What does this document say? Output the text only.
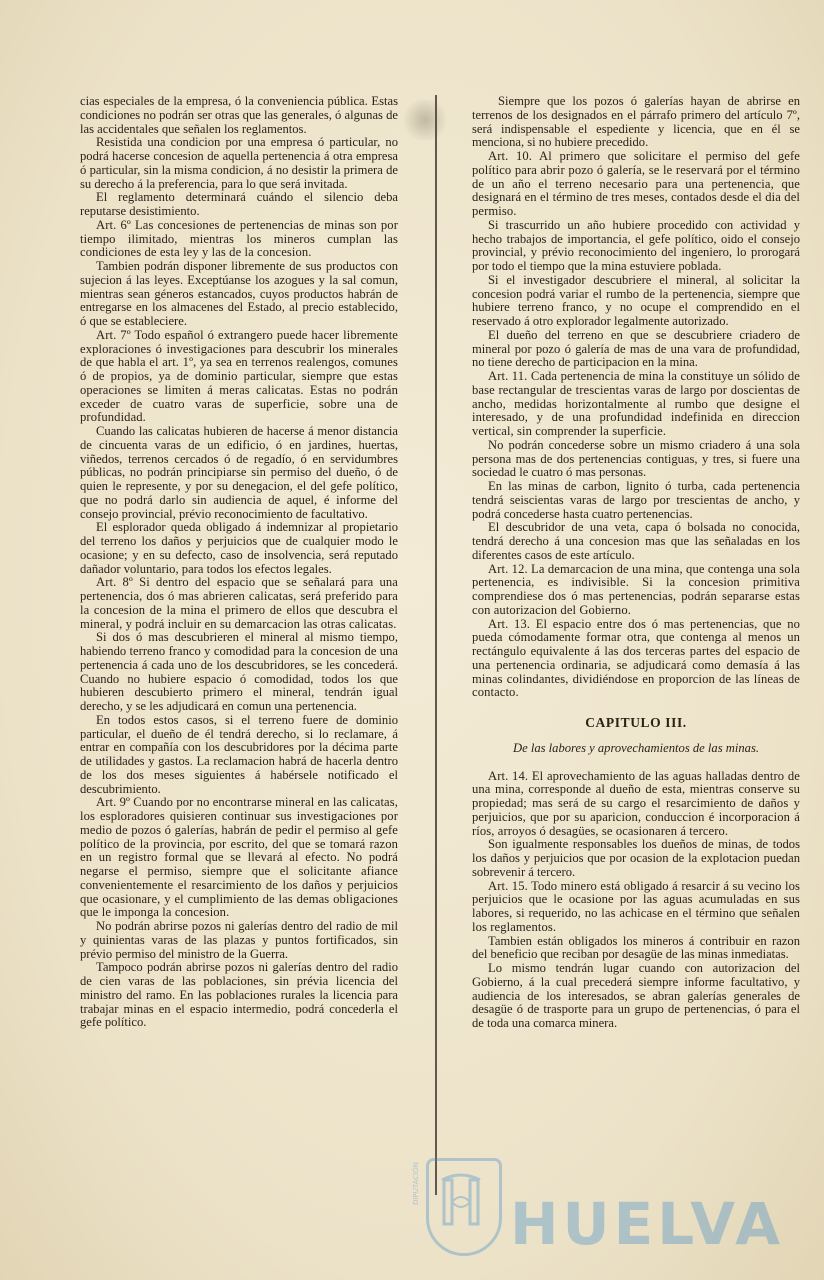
cias especiales de la empresa, ó la conveniencia pública. Estas condiciones no podrán ser otras que las generales, ó algunas de las accidentales que señalen los reglamentos.

Resistida una condicion por una empresa ó particular, no podrá hacerse concesion de aquella pertenencia á otra empresa ó particular, sin la misma condicion, á no desistir la primera de su derecho á la preferencia, para lo que será invitada.

El reglamento determinará cuándo el silencio deba reputarse desistimiento.

Art. 6º Las concesiones de pertenencias de minas son por tiempo ilimitado, mientras los mineros cumplan las condiciones de esta ley y las de la concesion.

Tambien podrán disponer libremente de sus productos con sujecion á las leyes. Exceptúanse los azogues y la sal comun, mientras sean géneros estancados, cuyos productos habrán de entregarse en los almacenes del Estado, al precio establecido, ó que se estableciere.

Art. 7º Todo español ó extrangero puede hacer libremente exploraciones ó investigaciones para descubrir los minerales de que habla el art. 1º, ya sea en terrenos realengos, comunes ó de propios, ya de dominio particular, siempre que estas operaciones se limiten á meras calicatas. Estas no podrán exceder de cuatro varas de superficie, sobre una de profundidad.

Cuando las calicatas hubieren de hacerse á menor distancia de cincuenta varas de un edificio, ó en jardines, huertas, viñedos, terrenos cercados ó de regadío, ó en servidumbres públicas, no podrán principiarse sin permiso del dueño, ó de quien le represente, y por su denegacion, el del gefe político, que no podrá darlo sin audiencia de aquel, é informe del consejo provincial, prévio reconocimiento de facultativo.

El esplorador queda obligado á indemnizar al propietario del terreno los daños y perjuicios que de cualquier modo le ocasione; y en su defecto, caso de insolvencia, será reputado dañador voluntario, para todos los efectos legales.

Art. 8º Si dentro del espacio que se señalará para una pertenencia, dos ó mas abrieren calicatas, será preferido para la concesion de la mina el primero de ellos que descubra el mineral, y podrá incluir en su demarcacion las otras calicatas.

Si dos ó mas descubrieren el mineral al mismo tiempo, habiendo terreno franco y comodidad para la concesion de una pertenencia á cada uno de los descubridores, se les concederá. Cuando no hubiere espacio ó comodidad, todos los que hubieren descubierto primero el mineral, tendrán igual derecho, y se les adjudicará en comun una pertenencia.

En todos estos casos, si el terreno fuere de dominio particular, el dueño de él tendrá derecho, si lo reclamare, á entrar en compañía con los descubridores por la décima parte de utilidades y gastos. La reclamacion habrá de hacerla dentro de los dos meses siguientes á habérsele notificado el descubrimiento.

Art. 9º Cuando por no encontrarse mineral en las calicatas, los esploradores quisieren continuar sus investigaciones por medio de pozos ó galerías, habrán de pedir el permiso al gefe político de la provincia, por escrito, del que se tomará razon en un registro formal que se llevará al efecto. No podrá negarse el permiso, siempre que el solicitante afiance convenientemente el resarcimiento de los daños y perjuicios que ocasionare, y el cumplimiento de las demas obligaciones que le imponga la concesion.

No podrán abrirse pozos ni galerías dentro del radio de mil y quinientas varas de las plazas y puntos fortificados, sin prévio permiso del ministro de la Guerra.

Tampoco podrán abrirse pozos ni galerías dentro del radio de cien varas de las poblaciones, sin prévia licencia del ministro del ramo. En las poblaciones rurales la licencia para trabajar minas en el espacio intermedio, podrá concederla el gefe político.

Siempre que los pozos ó galerías hayan de abrirse en terrenos de los designados en el párrafo primero del artículo 7º, será indispensable el espediente y licencia, que en él se menciona, si no hubiere precedido.

Art. 10. Al primero que solicitare el permiso del gefe político para abrir pozo ó galería, se le reservará por el término de un año el terreno necesario para una pertenencia, que designará en el término de tres meses, contados desde el dia del permiso.

Si trascurrido un año hubiere procedido con actividad y hecho trabajos de importancia, el gefe político, oido el consejo provincial, y prévio reconocimiento del ingeniero, lo prorogará por todo el tiempo que la mina estuviere poblada.

Si el investigador descubriere el mineral, al solicitar la concesion podrá variar el rumbo de la pertenencia, siempre que hubiere terreno franco, y no ocupe el comprendido en el reservado á otro explorador legalmente autorizado.

El dueño del terreno en que se descubriere criadero de mineral por pozo ó galería de mas de una vara de profundidad, no tiene derecho de participacion en la mina.

Art. 11. Cada pertenencia de mina la constituye un sólido de base rectangular de trescientas varas de largo por doscientas de ancho, medidas horizontalmente al rumbo que designe el interesado, y de una profundidad indefinida en direccion vertical, sin comprender la superficie.

No podrán concederse sobre un mismo criadero á una sola persona mas de dos pertenencias contiguas, y tres, si fuere una sociedad le cuatro ó mas personas.

En las minas de carbon, lignito ó turba, cada pertenencia tendrá seiscientas varas de largo por trescientas de ancho, y podrá concederse hasta cuatro pertenencias.

El descubridor de una veta, capa ó bolsada no conocida, tendrá derecho á una concesion mas que las señaladas en los diferentes casos de este artículo.

Art. 12. La demarcacion de una mina, que contenga una sola pertenencia, es indivisible. Si la concesion primitiva comprendiese dos ó mas pertenencias, podrán separarse estas con autorizacion del Gobierno.

Art. 13. El espacio entre dos ó mas pertenencias, que no pueda cómodamente formar otra, que contenga al menos un rectángulo equivalente á las dos terceras partes del espacio de una pertenencia ordinaria, se adjudicará como demasía á las minas colindantes, dividiéndose en proporcion de las líneas de contacto.

CAPITULO III.

De las labores y aprovechamientos de las minas.

Art. 14. El aprovechamiento de las aguas halladas dentro de una mina, corresponde al dueño de esta, mientras conserve su propiedad; mas será de su cargo el resarcimiento de daños y perjuicios, que por su aparicion, conduccion é incorporacion á ríos, arroyos ó desagües, se ocasionaren á tercero.

Son igualmente responsables los dueños de minas, de todos los daños y perjuicios que por ocasion de la explotacion puedan sobrevenir á tercero.

Art. 15. Todo minero está obligado á resarcir á su vecino los perjuicios que le ocasione por las aguas acumuladas en sus labores, si requerido, no las achicase en el término que señalen los reglamentos.

Tambien están obligados los mineros á contribuir en razon del beneficio que reciban por desagüe de las minas inmediatas.

Lo mismo tendrán lugar cuando con autorizacion del Gobierno, á la cual precederá siempre informe facultativo, y audiencia de los interesados, se abran galerías generales de desagüe ó de trasporte para un grupo de pertenencias, ó para el de toda una comarca minera.

DIPUTACIÓN
HUELVA
